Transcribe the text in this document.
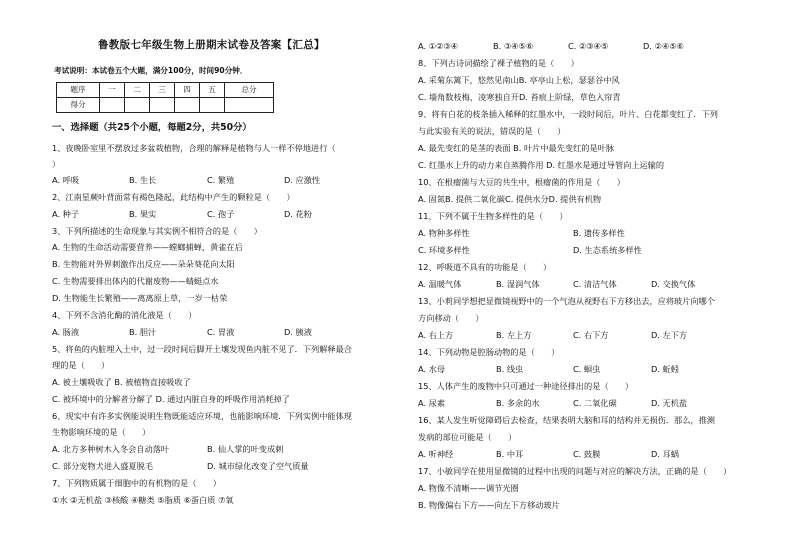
鲁教版七年级生物上册期末试卷及答案【汇总】
考试说明：本试卷五个大题，满分100分，时间90分钟．
题序	一	二	三	四	五	总分
得分						
一、选择题（共25个小题，每题2分，共50分）
1、夜晚卧室里不摆放过多盆栽植物，合理的解释是植物与人一样不停地进行（
）
A. 呼吸	B. 生长	C. 繁殖	D. 应激性
2、江南星蕨叶背面常有褐色隆起，此结构中产生的颗粒是（　　）
A. 种子	B. 果实	C. 孢子	D. 花粉
3、下列所描述的生命现象与其实例不相符合的是（　　）
A. 生物的生命活动需要营养——螳螂捕蝉，黄雀在后
B. 生物能对外界刺激作出反应——朵朵葵花向太阳
C. 生物需要排出体内的代谢废物——蜻蜓点水
D. 生物能生长繁殖——离离原上草，一岁一枯荣
4、下列不含消化酶的消化液是（　　）
A. 肠液	B. 胆汁	C. 胃液	D. 胰液
5、将鱼的内脏埋入土中，过一段时间后脚开土壤发现鱼内脏不见了．下列解释最合
理的是（　　）
A. 被土壤吸收了 B. 被植物直接吸收了
C. 被环境中的分解者分解了 D. 通过内脏自身的呼吸作用消耗掉了
6、现实中有许多实例能说明生物既能适应环境，也能影响环境．下列实例中能体现
生物影响环境的是（　　）
A. 北方多种树木入冬会自动落叶	B. 仙人掌的叶变成刺
C. 部分宠物犬进入盛夏脱毛	D. 城市绿化改变了空气质量
7、下列物质属于细胞中的有机物的是（　　）
①水 ②无机盐 ③核酸 ④糖类 ⑤脂质 ⑥蛋白质 ⑦氧
A. ①②③④	B. ③④⑤⑥	C. ②③④⑤	D. ②④⑤⑥
8、下列古诗词描绘了裸子植物的是（　　）
A. 采菊东篱下，悠然见南山B. 亭亭山上松，瑟瑟谷中风
C. 墙角数枝梅，凌寒独自开D. 苔痕上阶绿，草色入帘青
9、将有白花的枝条插入稀释的红墨水中，一段时间后，叶片、白花都变红了．下列
与此实验有关的说法，错误的是（　　）
A. 最先变红的是茎的表面 B. 叶片中最先变红的是叶脉
C. 红墨水上升的动力来自蒸腾作用 D. 红墨水是通过导管向上运输的
10、在根瘤菌与大豆的共生中，根瘤菌的作用是（　　）
A. 固氮B. 提供二氧化碳C. 提供水分D. 提供有机物
11、下列不属于生物多样性的是（　　）
A. 物种多样性	B. 遗传多样性
C. 环境多样性	D. 生态系统多样性
12、呼吸道不具有的功能是（　　）
A. 温暖气体	B. 湿润气体	C. 清洁气体	D. 交换气体
13、小莉同学想把显微镜视野中的一个气泡从视野右下方移出去，应将玻片向哪个
方向移动（　　）
A. 右上方	B. 左上方	C. 右下方	D. 左下方
14、下列动物是腔肠动物的是（　　）
A. 水母	B. 线虫	C. 蛔虫	D. 蚯蚓
15、人体产生的废物中只可通过一种途径排出的是（　　）
A. 尿素	B. 多余的水	C. 二氧化碳	D. 无机盐
16、某人发生听觉障碍后去检查，结果表明大脑和耳的结构并无损伤．那么，推测
发病的部位可能是（　　）
A. 听神经	B. 中耳	C. 鼓膜	D. 耳蜗
17、小敏同学在使用显微镜的过程中出现的问题与对应的解决方法，正确的是（　　）
A. 物像不清晰——调节光圈
B. 物像偏右下方——向左下方移动玻片
